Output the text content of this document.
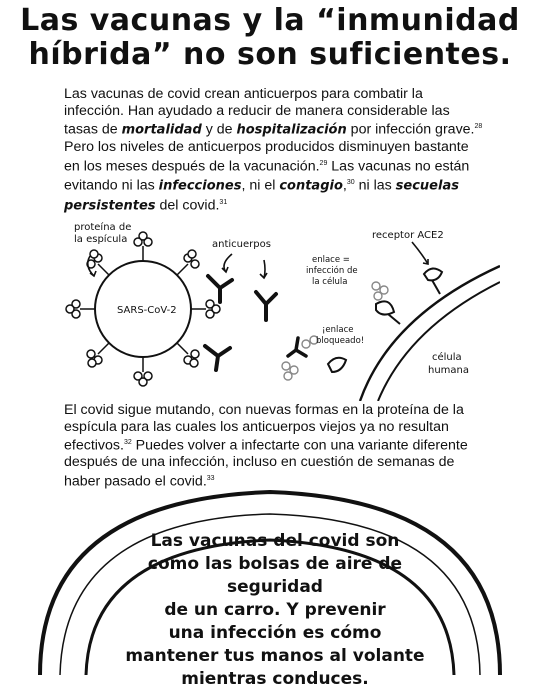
Las vacunas y la “inmunidad
híbrida” no son suficientes.

Las vacunas de covid crean anticuerpos para combatir la infección. Han ayudado a reducir de manera considerable las tasas de mortalidad y de hospitalización por infección grave.$^{28}$ Pero los niveles de anticuerpos producidos disminuyen bastante en los meses después de la vacunación.$^{29}$ Las vacunas no están evitando ni las infecciones, ni el contagio,$^{30}$ ni las secuelas persistentes del covid.$^{31}$

SARS-CoV-2
proteína de
la espícula	anticuerpos
enlace =
infección de
la célula
receptor ACE2
¡enlace
bloqueado!
célula
humana

El covid sigue mutando, con nuevas formas en la proteína de la espícula para las cuales los anticuerpos viejos ya no resultan efectivos.$^{32}$ Puedes volver a infectarte con una variante diferente después de una infección, incluso en cuestión de semanas de haber pasado el covid.$^{33}$

Las vacunas del covid son
como las bolsas de aire de seguridad
de un carro. Y prevenir
una infección es cómo
mantener tus manos al volante
mientras conduces.
